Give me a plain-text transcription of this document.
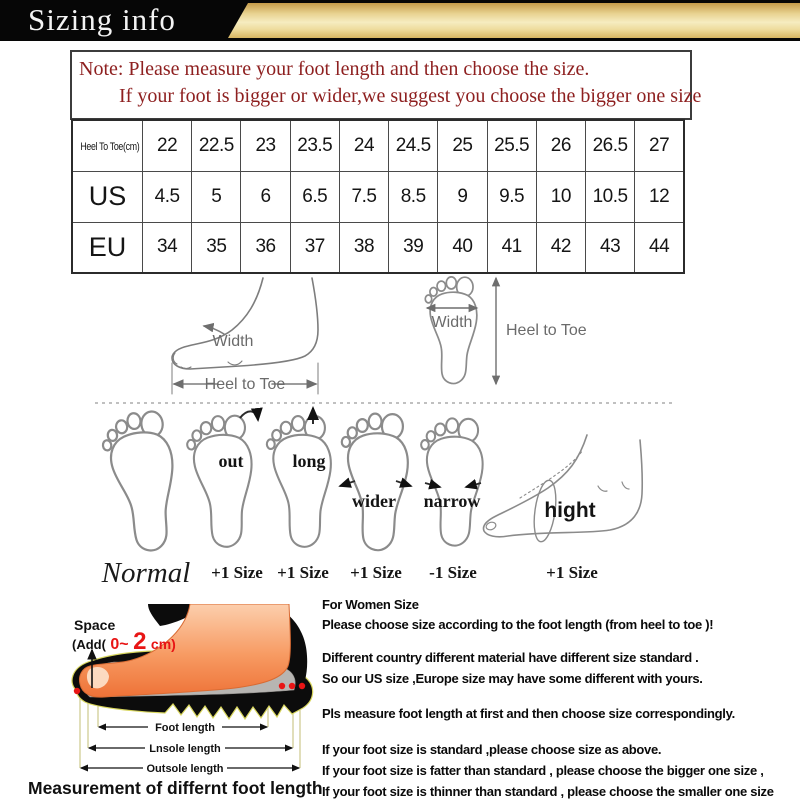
Sizing info
Note: Please measure your foot length and then choose the size.
If your foot is bigger or wider,we suggest you choose the bigger one size
Heel To Toe(cm)	22	22.5	23	23.5	24	24.5	25	25.5	26	26.5	27
US	4.5	5	6	6.5	7.5	8.5	9	9.5	10	10.5	12
EU	34	35	36	37	38	39	40	41	42	43	44
Width
Heel to Toe
Width Heel to Toe
out	long
wider narrow	hight
Normal +1 Size +1 Size +1 Size -1 Size	+1 Size
Space
(Add( 0~ 2 cm)
Foot length
Lnsole length
Outsole length

For Women Size

Please choose size according to the foot length (from heel to toe )!

Different country different material have different size standard .

So our US size ,Europe size may have some different with yours.

Pls measure foot length at first and then choose size correspondingly.

If your foot size is standard ,please choose size as above.

If your foot size is fatter than standard , please choose the bigger one size ,

If your foot size is thinner than standard , please choose the smaller one size

Measurement of differnt foot length
